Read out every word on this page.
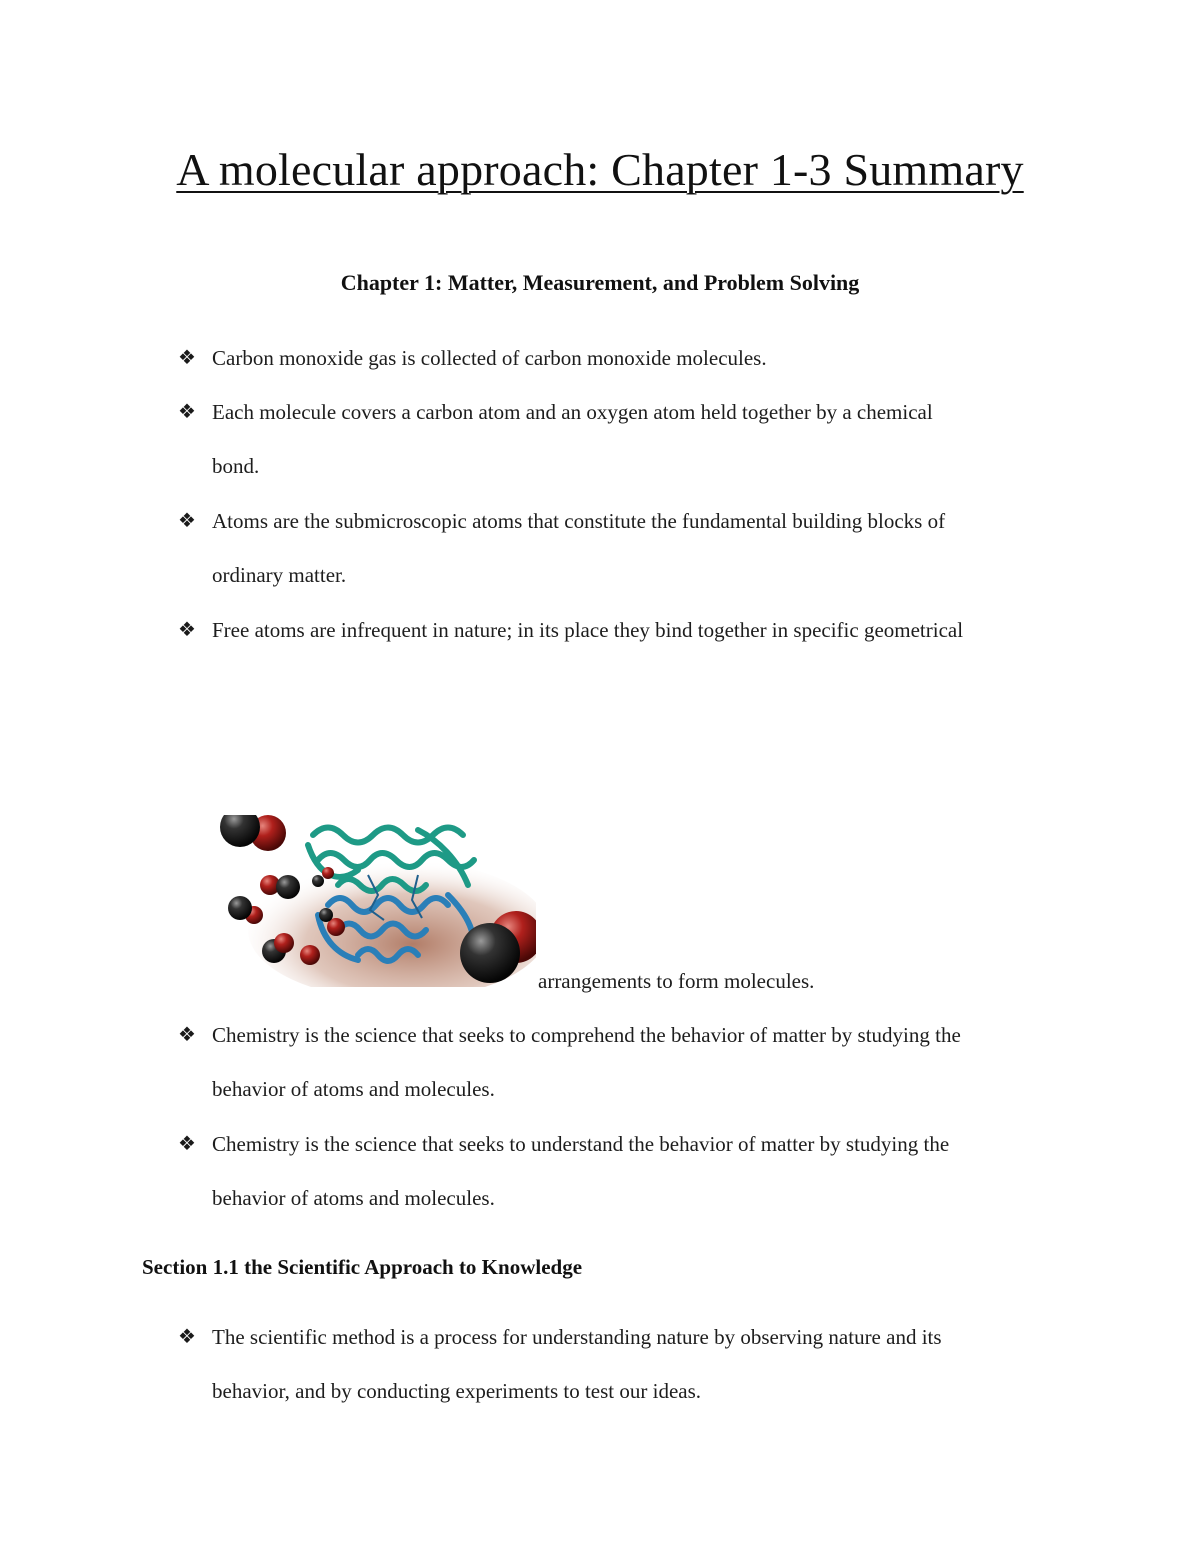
A molecular approach: Chapter 1-3 Summary
Chapter 1: Matter, Measurement, and Problem Solving
❖ Carbon monoxide gas is collected of carbon monoxide molecules.
❖ Each molecule covers a carbon atom and an oxygen atom held together by a chemical
bond.
❖ Atoms are the submicroscopic atoms that constitute the fundamental building blocks of
ordinary matter.
❖ Free atoms are infrequent in nature; in its place they bind together in specific geometrical
arrangements to form molecules.
❖ Chemistry is the science that seeks to comprehend the behavior of matter by studying the
behavior of atoms and molecules.
❖ Chemistry is the science that seeks to understand the behavior of matter by studying the
behavior of atoms and molecules.
Section 1.1 the Scientific Approach to Knowledge
❖ The scientific method is a process for understanding nature by observing nature and its
behavior, and by conducting experiments to test our ideas.
